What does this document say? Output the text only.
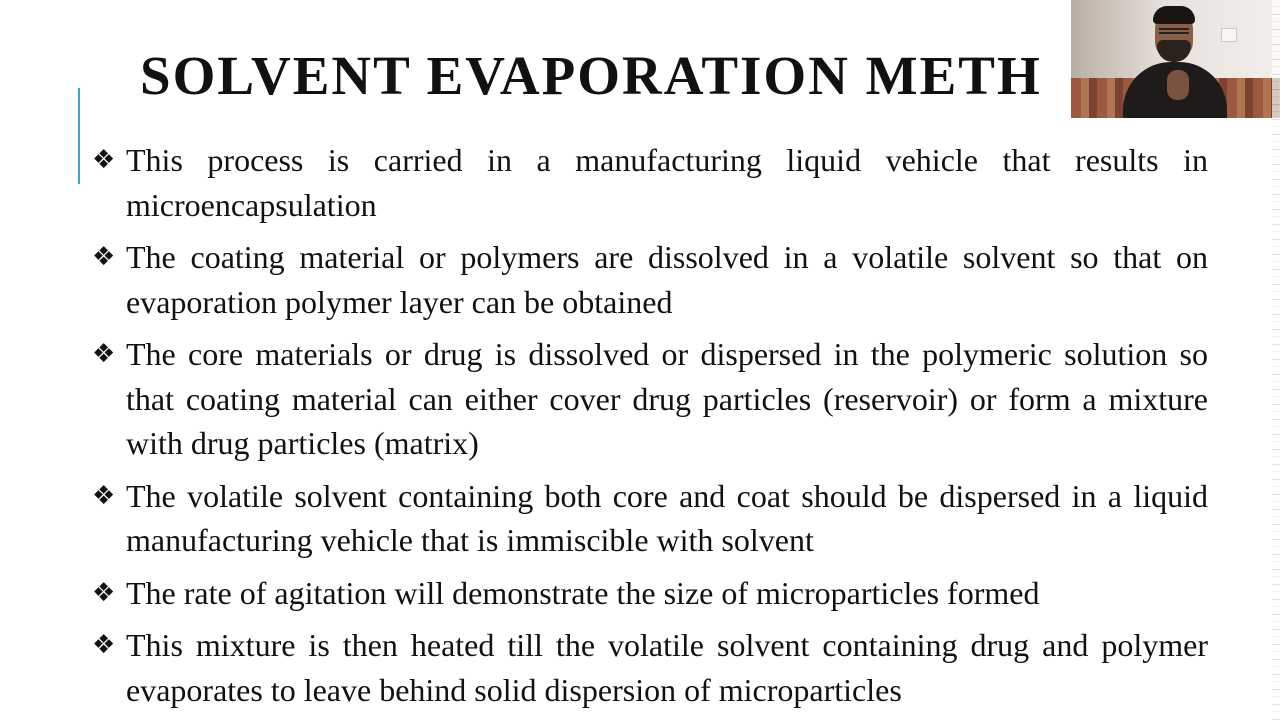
SOLVENT EVAPORATION METH
❖ This process is carried in a manufacturing liquid vehicle that results in microencapsulation
❖ The coating material or polymers are dissolved in a volatile solvent so that on evaporation polymer layer can be obtained
❖ The core materials or drug is dissolved or dispersed in the polymeric solution so that coating material can either cover drug particles (reservoir) or form a mixture with drug particles (matrix)
❖ The volatile solvent containing both core and coat should be dispersed in a liquid manufacturing vehicle that is immiscible with solvent
❖ The rate of agitation will demonstrate the size of microparticles formed
❖ This mixture is then heated till the volatile solvent containing drug and polymer evaporates to leave behind solid dispersion of microparticles
